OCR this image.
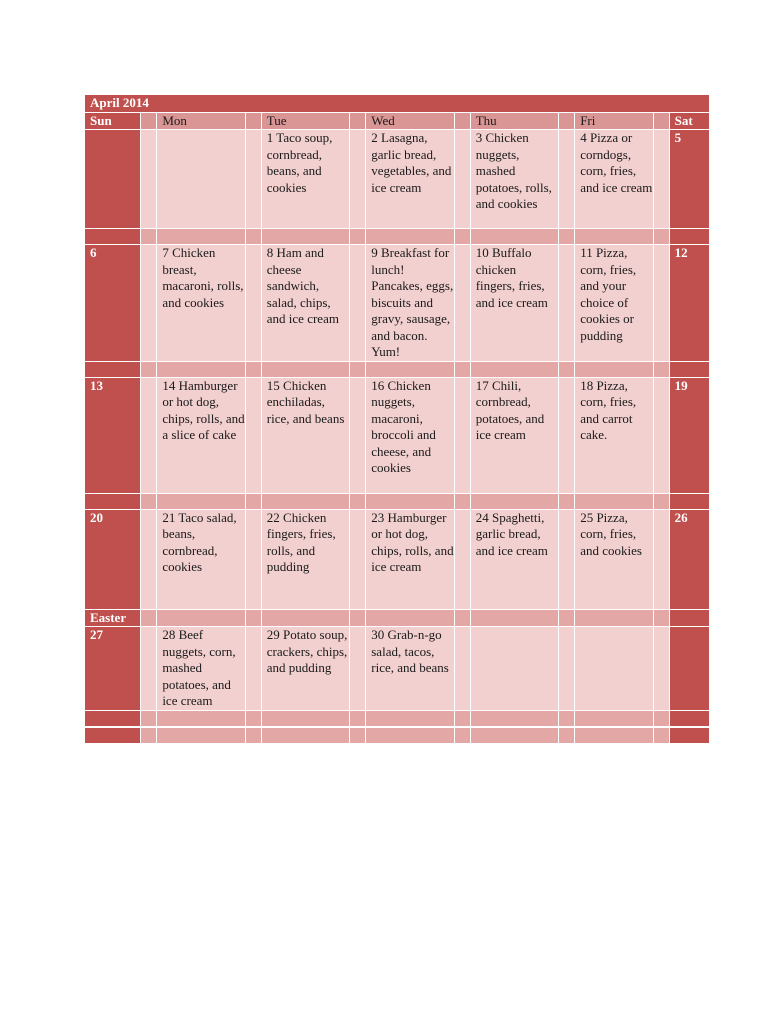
April 2014												
Sun		Mon		Tue		Wed		Thu		Fri		Sat
				1 Taco soup, cornbread, beans, and cookies		2 Lasagna, garlic bread, vegetables, and ice cream		3 Chicken nuggets, mashed potatoes, rolls, and cookies		4 Pizza or corndogs, corn, fries, and ice cream		5

6		7 Chicken breast, macaroni, rolls, and cookies		8 Ham and cheese sandwich, salad, chips, and ice cream		9 Breakfast for lunch! Pancakes, eggs, biscuits and gravy, sausage, and bacon. Yum!		10 Buffalo chicken fingers, fries, and ice cream		11 Pizza, corn, fries, and your choice of cookies or pudding		12

13		14 Hamburger or hot dog, chips, rolls, and a slice of cake		15 Chicken enchiladas, rice, and beans		16 Chicken nuggets, macaroni, broccoli and cheese, and cookies		17 Chili, cornbread, potatoes, and ice cream		18 Pizza, corn, fries, and carrot cake.		19

20		21 Taco salad, beans, cornbread, cookies		22 Chicken fingers, fries, rolls, and pudding		23 Hamburger or hot dog, chips, rolls, and ice cream		24 Spaghetti, garlic bread, and ice cream		25 Pizza, corn, fries, and cookies		26
Easter												
27		28 Beef nuggets, corn, mashed potatoes, and ice cream		29 Potato soup, crackers, chips, and pudding		30 Grab-n-go salad, tacos, rice, and beans						
